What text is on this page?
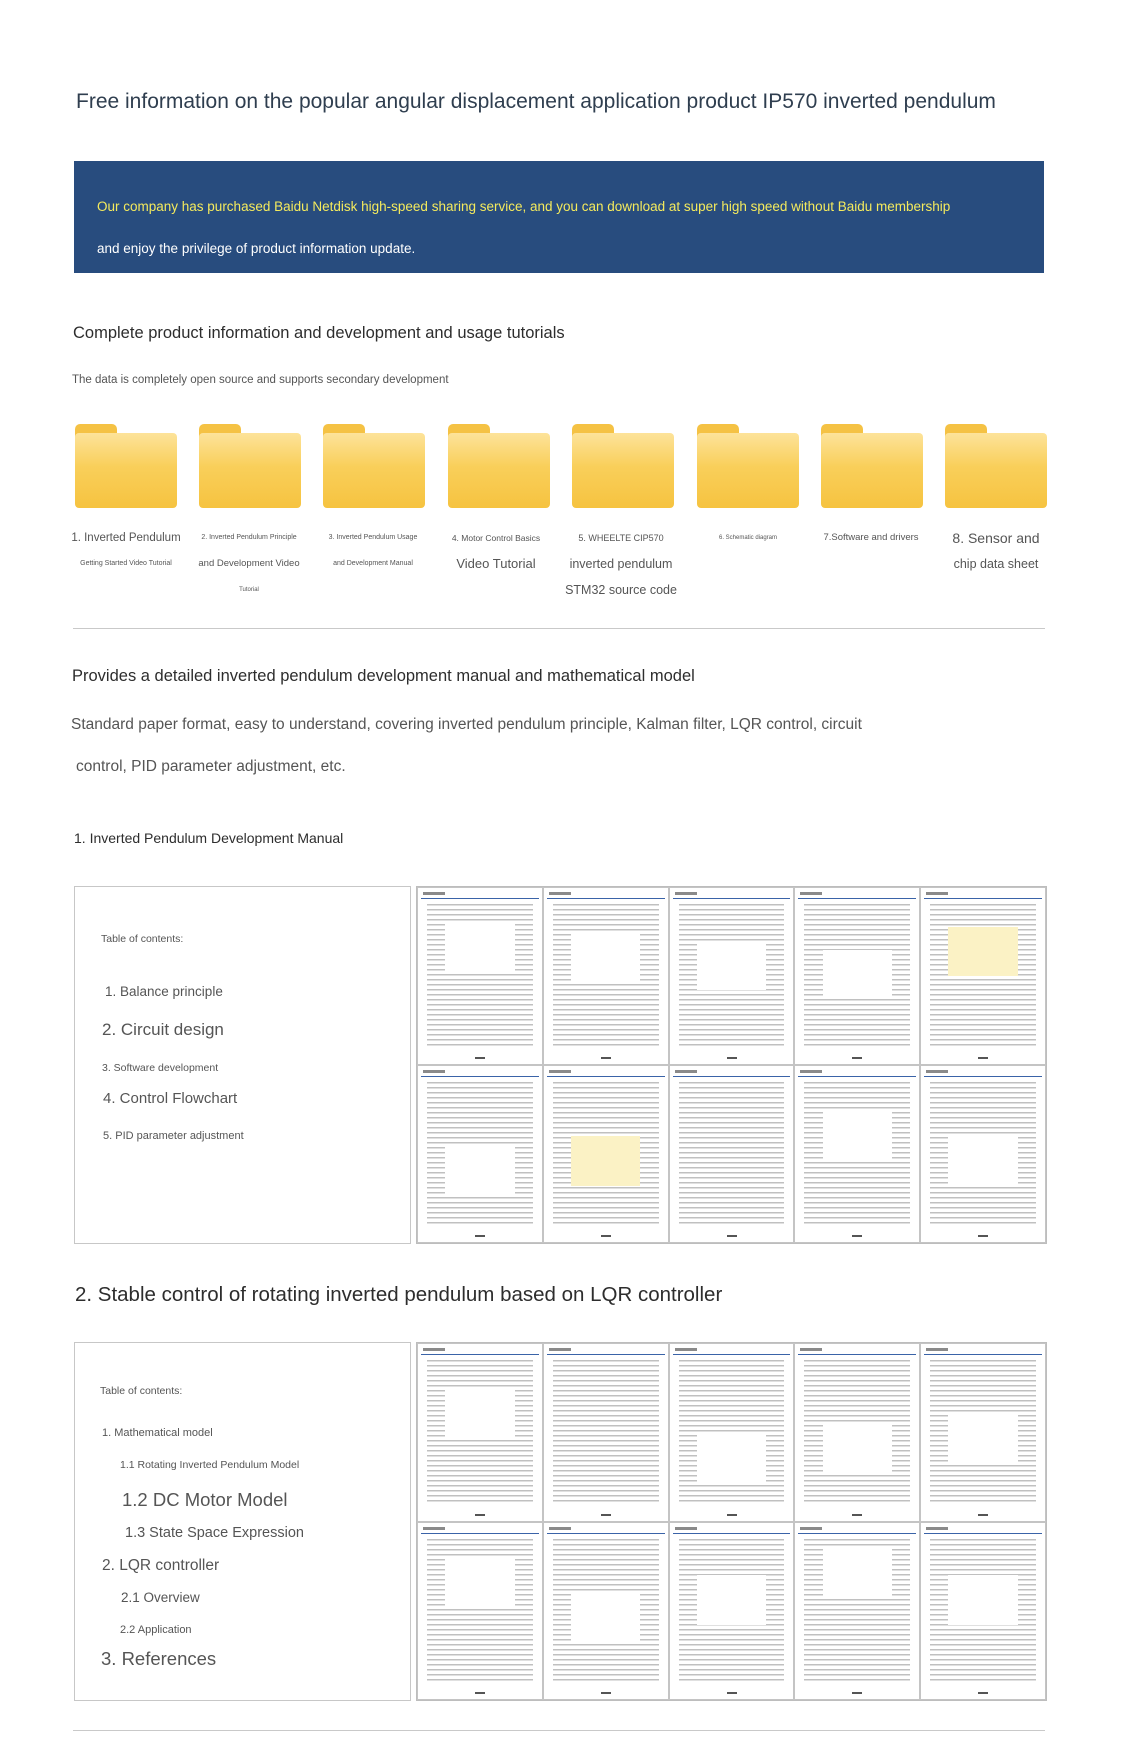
Free information on the popular angular displacement application product IP570 inverted pendulum

Our company has purchased Baidu Netdisk high-speed sharing service, and you can download at super high speed without Baidu membership

and enjoy the privilege of product information update.

Complete product information and development and usage tutorials
The data is completely open source and supports secondary development
1. Inverted Pendulum
Getting Started Video Tutorial
2. Inverted Pendulum Principle
and Development Video
Tutorial
3. Inverted Pendulum Usage
and Development Manual
4. Motor Control Basics
Video Tutorial
5. WHEELTE CIP570
inverted pendulum
STM32 source code
6. Schematic diagram	7.Software and drivers	8. Sensor and
chip data sheet
Provides a detailed inverted pendulum development manual and mathematical model
Standard paper format, easy to understand, covering inverted pendulum principle, Kalman filter, LQR control, circuit
control, PID parameter adjustment, etc.
1. Inverted Pendulum Development Manual
Table of contents:
1. Balance principle
2. Circuit design
3. Software development
4. Control Flowchart
5. PID parameter adjustment
2. Stable control of rotating inverted pendulum based on LQR controller
Table of contents:
1. Mathematical model
1.1 Rotating Inverted Pendulum Model
1.2 DC Motor Model
1.3 State Space Expression
2. LQR controller
2.1 Overview
2.2 Application
3. References
